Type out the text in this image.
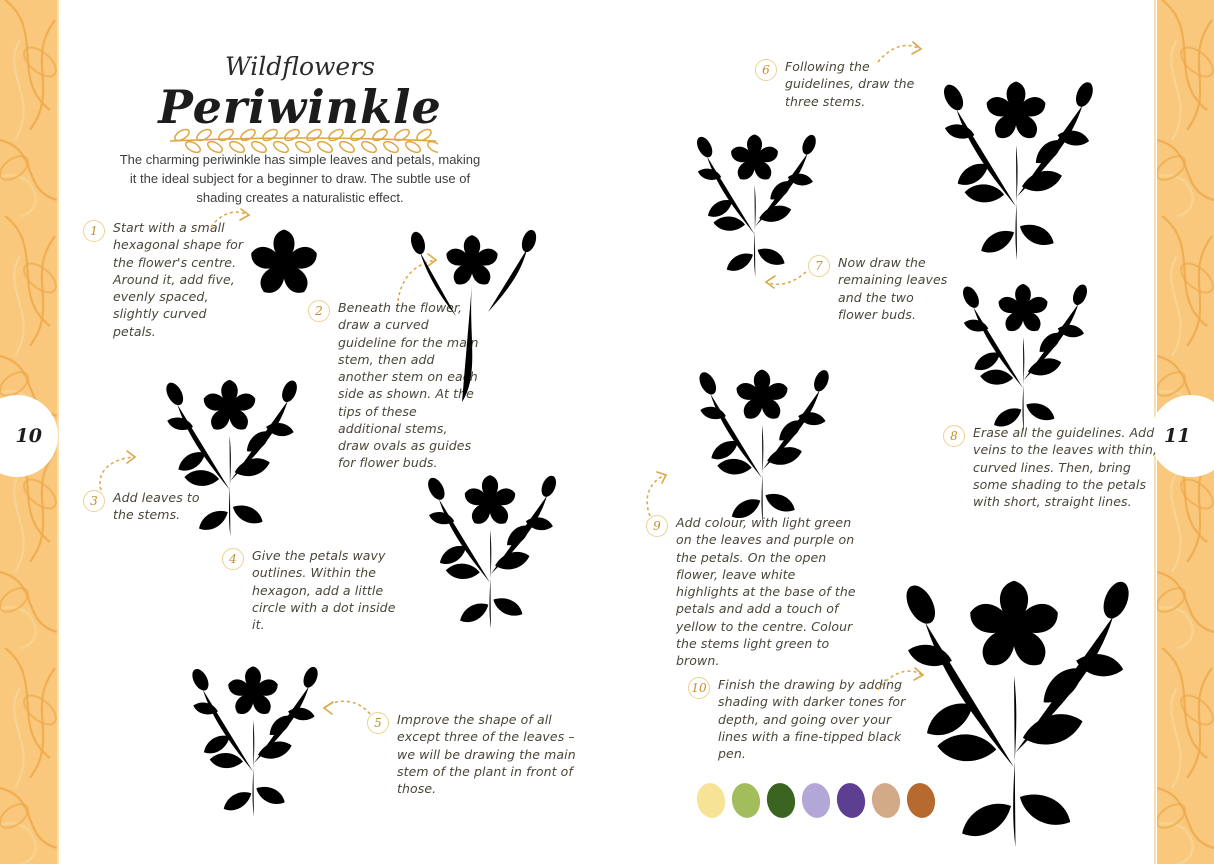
10	11
Wildflowers
Periwinkle
The charming periwinkle has simple leaves and petals, making it the ideal subject for a beginner to draw. The subtle use of shading creates a naturalistic effect.
1	Start with a small hexagonal shape for the flower's centre. Around it, add five, evenly spaced, slightly curved petals.
2	Beneath the flower, draw a curved guideline for the main stem, then add another stem on each side as shown. At the tips of these additional stems, draw ovals as guides for flower buds.
3	Add leaves to the stems.
4	Give the petals wavy outlines. Within the hexagon, add a little circle with a dot inside it.
5	Improve the shape of all except three of the leaves – we will be drawing the main stem of the plant in front of those.
6	Following the guidelines, draw the three stems.
7	Now draw the remaining leaves and the two flower buds.
8	Erase all the guidelines. Add veins to the leaves with thin, curved lines. Then, bring some shading to the petals with short, straight lines.
9	Add colour, with light green on the leaves and purple on the petals. On the open flower, leave white highlights at the base of the petals and add a touch of yellow to the centre. Colour the stems light green to brown.
10 Finish the drawing by adding shading with darker tones for depth, and going over your lines with a fine-tipped black pen.
